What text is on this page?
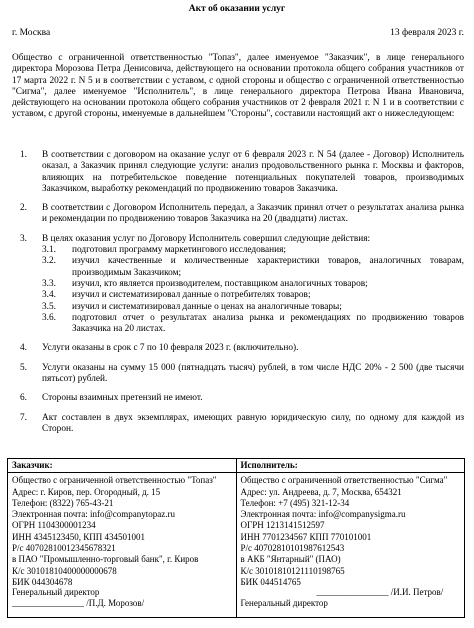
Акт об оказании услуг
г. Москва	13 февраля 2023 г.

Общество с ограниченной ответственностью "Топаз", далее именуемое "Заказчик", в лице генерального директора Морозова Петра Денисовича, действующего на основании протокола общего собрания участников от 17 марта 2022 г. N 5 и в соответствии с уставом, с одной стороны и общество с ограниченной ответственностью "Сигма", далее именуемое "Исполнитель", в лице генерального директора Петрова Ивана Ивановича, действующего на основании протокола общего собрания участников от 2 февраля 2021 г. N 1 и в соответствии с уставом, с другой стороны, именуемые в дальнейшем "Стороны", составили настоящий акт о нижеследующем:

1.	В соответствии с договором на оказание услуг от 6 февраля 2023 г. N 54 (далее - Договор) Исполнитель оказал, а Заказчик принял следующие услуги: анализ продовольственного рынка г. Москвы и факторов, влияющих на потребительское поведение потенциальных покупателей товаров, производимых Заказчиком, выработку рекомендаций по продвижению товаров Заказчика.
2.	В соответствии с Договором Исполнитель передал, а Заказчик принял отчет о результатах анализа рынка и рекомендации по продвижению товаров Заказчика на 20 (двадцати) листах.
3.	В целях оказания услуг по Договору Исполнитель совершил следующие действия:
3.1.	подготовил программу маркетингового исследования;
3.2.	изучил качественные и количественные характеристики товаров, аналогичных товарам, производимым Заказчиком;
3.3.	изучил, кто является производителем, поставщиком аналогичных товаров;
3.4.	изучил и систематизировал данные о потребителях товаров;
3.5.	изучил и систематизировал данные о ценах на аналогичные товары;
3.6.	подготовил отчет о результатах анализа рынка и рекомендациях по продвижению товаров Заказчика на 20 листах.
4.	Услуги оказаны в срок с 7 по 10 февраля 2023 г. (включительно).
5.	Услуги оказаны на сумму 15 000 (пятнадцать тысяч) рублей, в том числе НДС 20% - 2 500 (две тысячи пятьсот) рублей.
6.	Стороны взаимных претензий не имеют.
7.	Акт составлен в двух экземплярах, имеющих равную юридическую силу, по одному для каждой из Сторон.
Заказчик:
Общество с ограниченной ответственностью "Топаз"
Адрес: г. Киров, пер. Огородный, д. 15
Телефон: (8322) 765-43-21
Электронная почта: info@companytopaz.ru
ОГРН 1104300001234
ИНН 4345123450, КПП 434501001
Р/с 40702810012345678321
в ПАО "Промышленно-торговый банк", г. Киров
К/с 30101810400000000678
БИК 044304678
Генеральный директор
________________ /П.Д. Морозов/
Исполнитель:
Общество с ограниченной ответственностью "Сигма"
Адрес: ул. Андреева, д. 7, Москва, 654321
Телефон: +7 (495) 321-12-34
Электронная почта: info@companysigma.ru
ОГРН 1213141512597
ИНН 7701234567 КПП 770101001
Р/с 40702810101987612543
в АКБ "Янтарный" (ПАО)
К/с 30101810121110198765
БИК 044514765
Генеральный директор
________________ /И.И. Петров/
